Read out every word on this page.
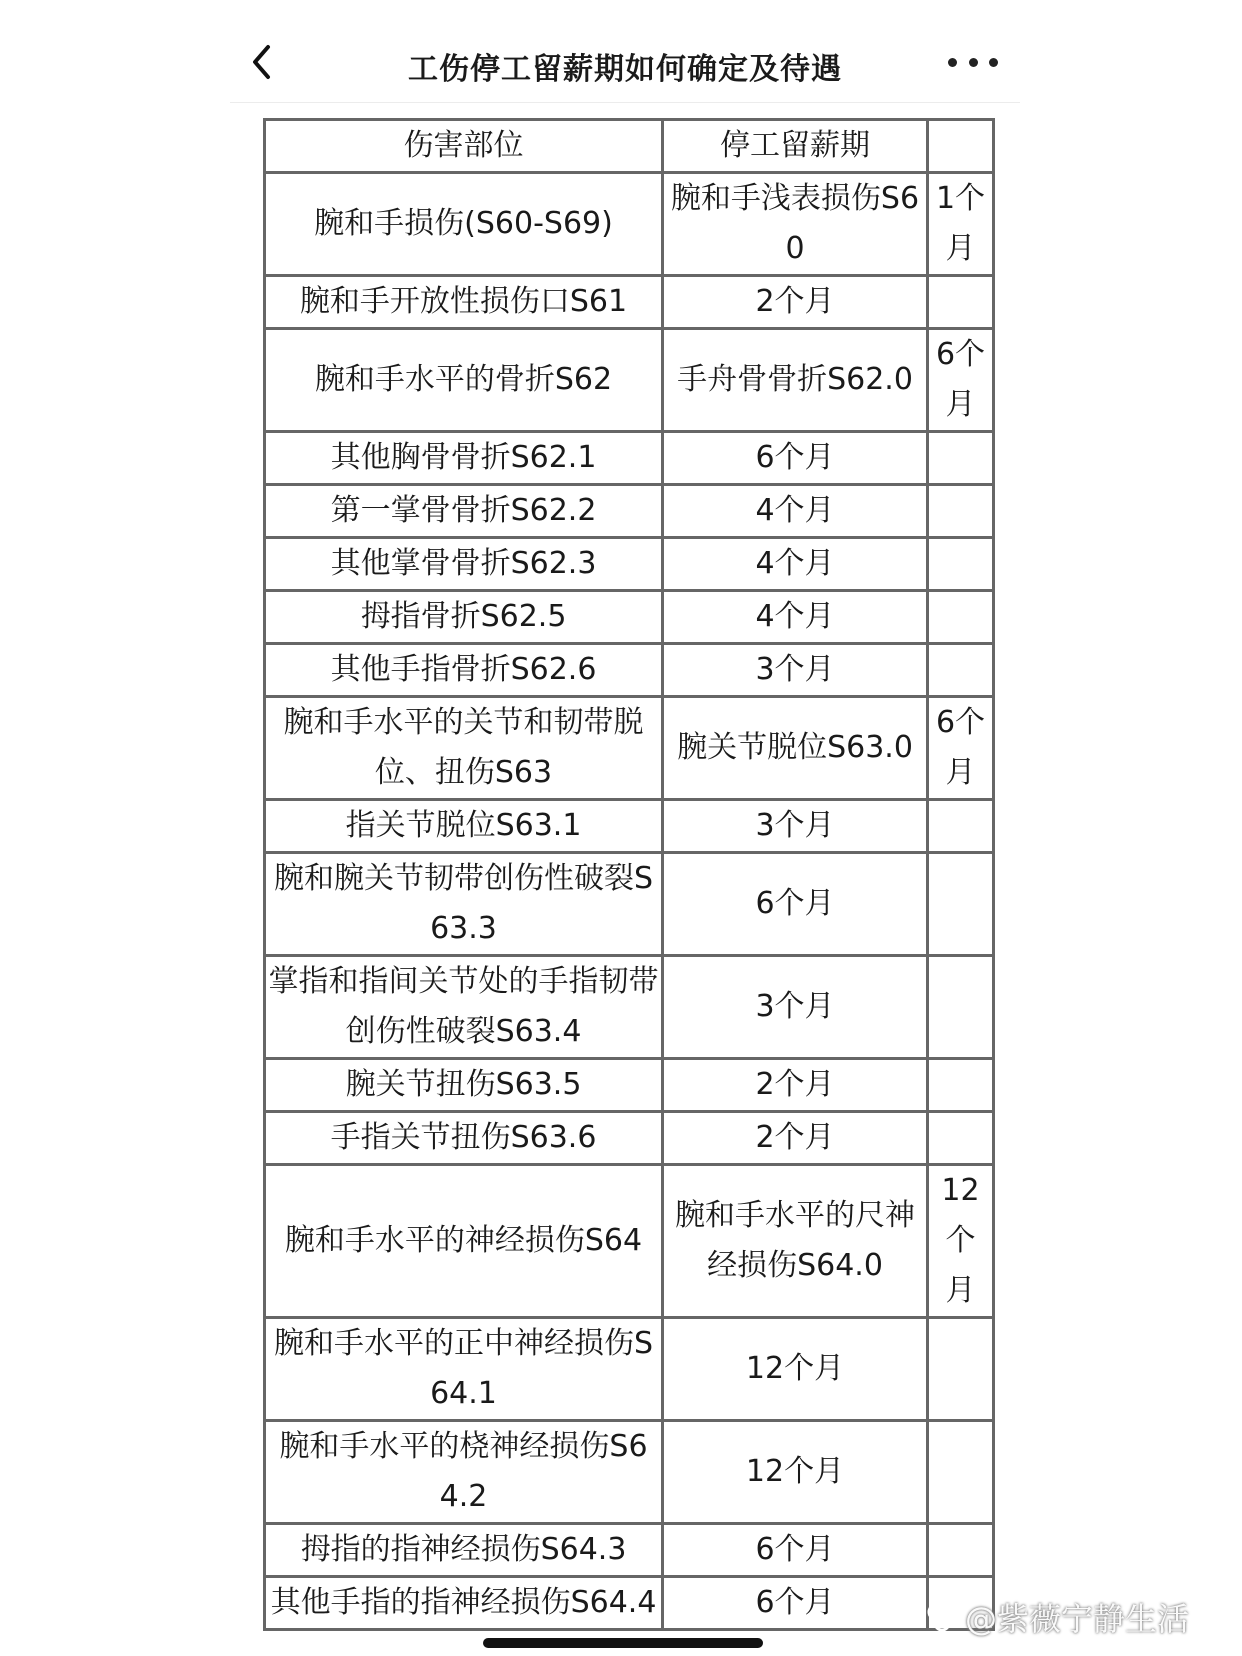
工伤停工留薪期如何确定及待遇
伤害部位	停工留薪期	
腕和手损伤(S60-S69)	腕和手浅表损伤S60	1个月
腕和手开放性损伤口S61	2个月	
腕和手水平的骨折S62	手舟骨骨折S62.0	6个月
其他胸骨骨折S62.1	6个月	
第一掌骨骨折S62.2	4个月	
其他掌骨骨折S62.3	4个月	
拇指骨折S62.5	4个月	
其他手指骨折S62.6	3个月	
腕和手水平的关节和韧带脱位、扭伤S63	腕关节脱位S63.0	6个月
指关节脱位S63.1	3个月	
腕和腕关节韧带创伤性破裂S63.3	6个月	
掌指和指间关节处的手指韧带创伤性破裂S63.4	3个月	
腕关节扭伤S63.5	2个月	
手指关节扭伤S63.6	2个月	
腕和手水平的神经损伤S64	腕和手水平的尺神经损伤S64.0	12个月
腕和手水平的正中神经损伤S64.1	12个月	
腕和手水平的桡神经损伤S64.2	12个月	
拇指的指神经损伤S64.3	6个月	
其他手指的指神经损伤S64.4	6个月		@紫薇宁静生活
